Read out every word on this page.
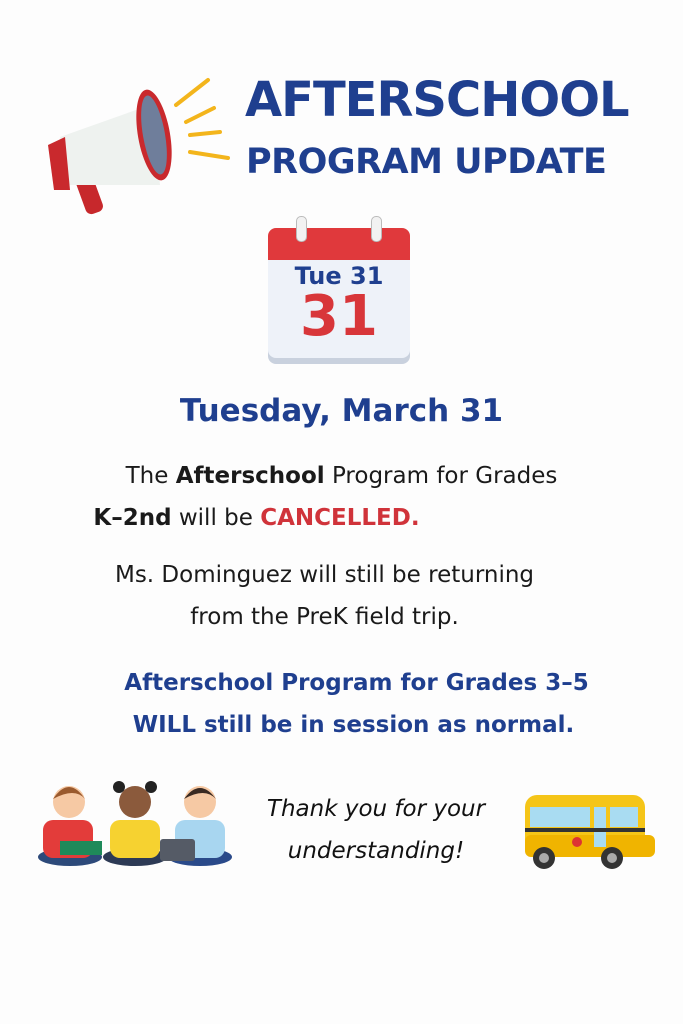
AFTERSCHOOL
PROGRAM UPDATE
Tue 31
31
Tuesday, March 31
The Afterschool Program for Grades
K–2nd will be CANCELLED.
Ms. Dominguez will still be returning
from the PreK field trip.
Afterschool Program for Grades 3–5
WILL still be in session as normal.
Thank you for your
understanding!
